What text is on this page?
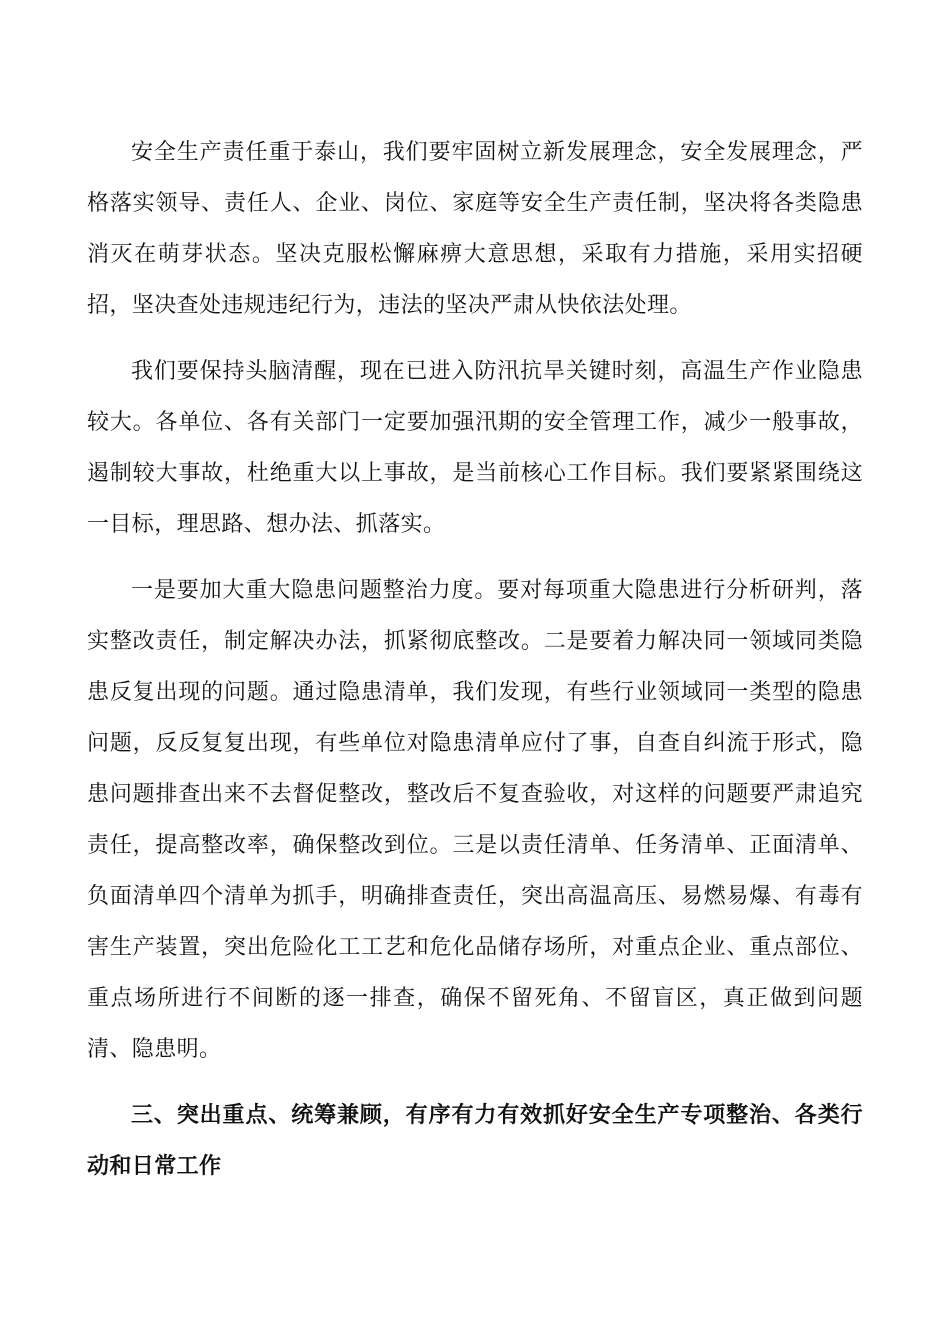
安全生产责任重于泰山，我们要牢固树立新发展理念，安全发展理念，严格落实领导、责任人、企业、岗位、家庭等安全生产责任制，坚决将各类隐患消灭在萌芽状态。坚决克服松懈麻痹大意思想，采取有力措施，采用实招硬招，坚决查处违规违纪行为，违法的坚决严肃从快依法处理。

我们要保持头脑清醒，现在已进入防汛抗旱关键时刻，高温生产作业隐患较大。各单位、各有关部门一定要加强汛期的安全管理工作，减少一般事故，遏制较大事故，杜绝重大以上事故，是当前核心工作目标。我们要紧紧围绕这一目标，理思路、想办法、抓落实。

一是要加大重大隐患问题整治力度。要对每项重大隐患进行分析研判，落实整改责任，制定解决办法，抓紧彻底整改。二是要着力解决同一领域同类隐患反复出现的问题。通过隐患清单，我们发现，有些行业领域同一类型的隐患问题，反反复复出现，有些单位对隐患清单应付了事，自查自纠流于形式，隐患问题排查出来不去督促整改，整改后不复查验收，对这样的问题要严肃追究责任，提高整改率，确保整改到位。三是以责任清单、任务清单、正面清单、负面清单四个清单为抓手，明确排查责任，突出高温高压、易燃易爆、有毒有害生产装置，突出危险化工工艺和危化品储存场所，对重点企业、重点部位、重点场所进行不间断的逐一排查，确保不留死角、不留盲区，真正做到问题清、隐患明。

三、突出重点、统筹兼顾，有序有力有效抓好安全生产专项整治、各类行动和日常工作
